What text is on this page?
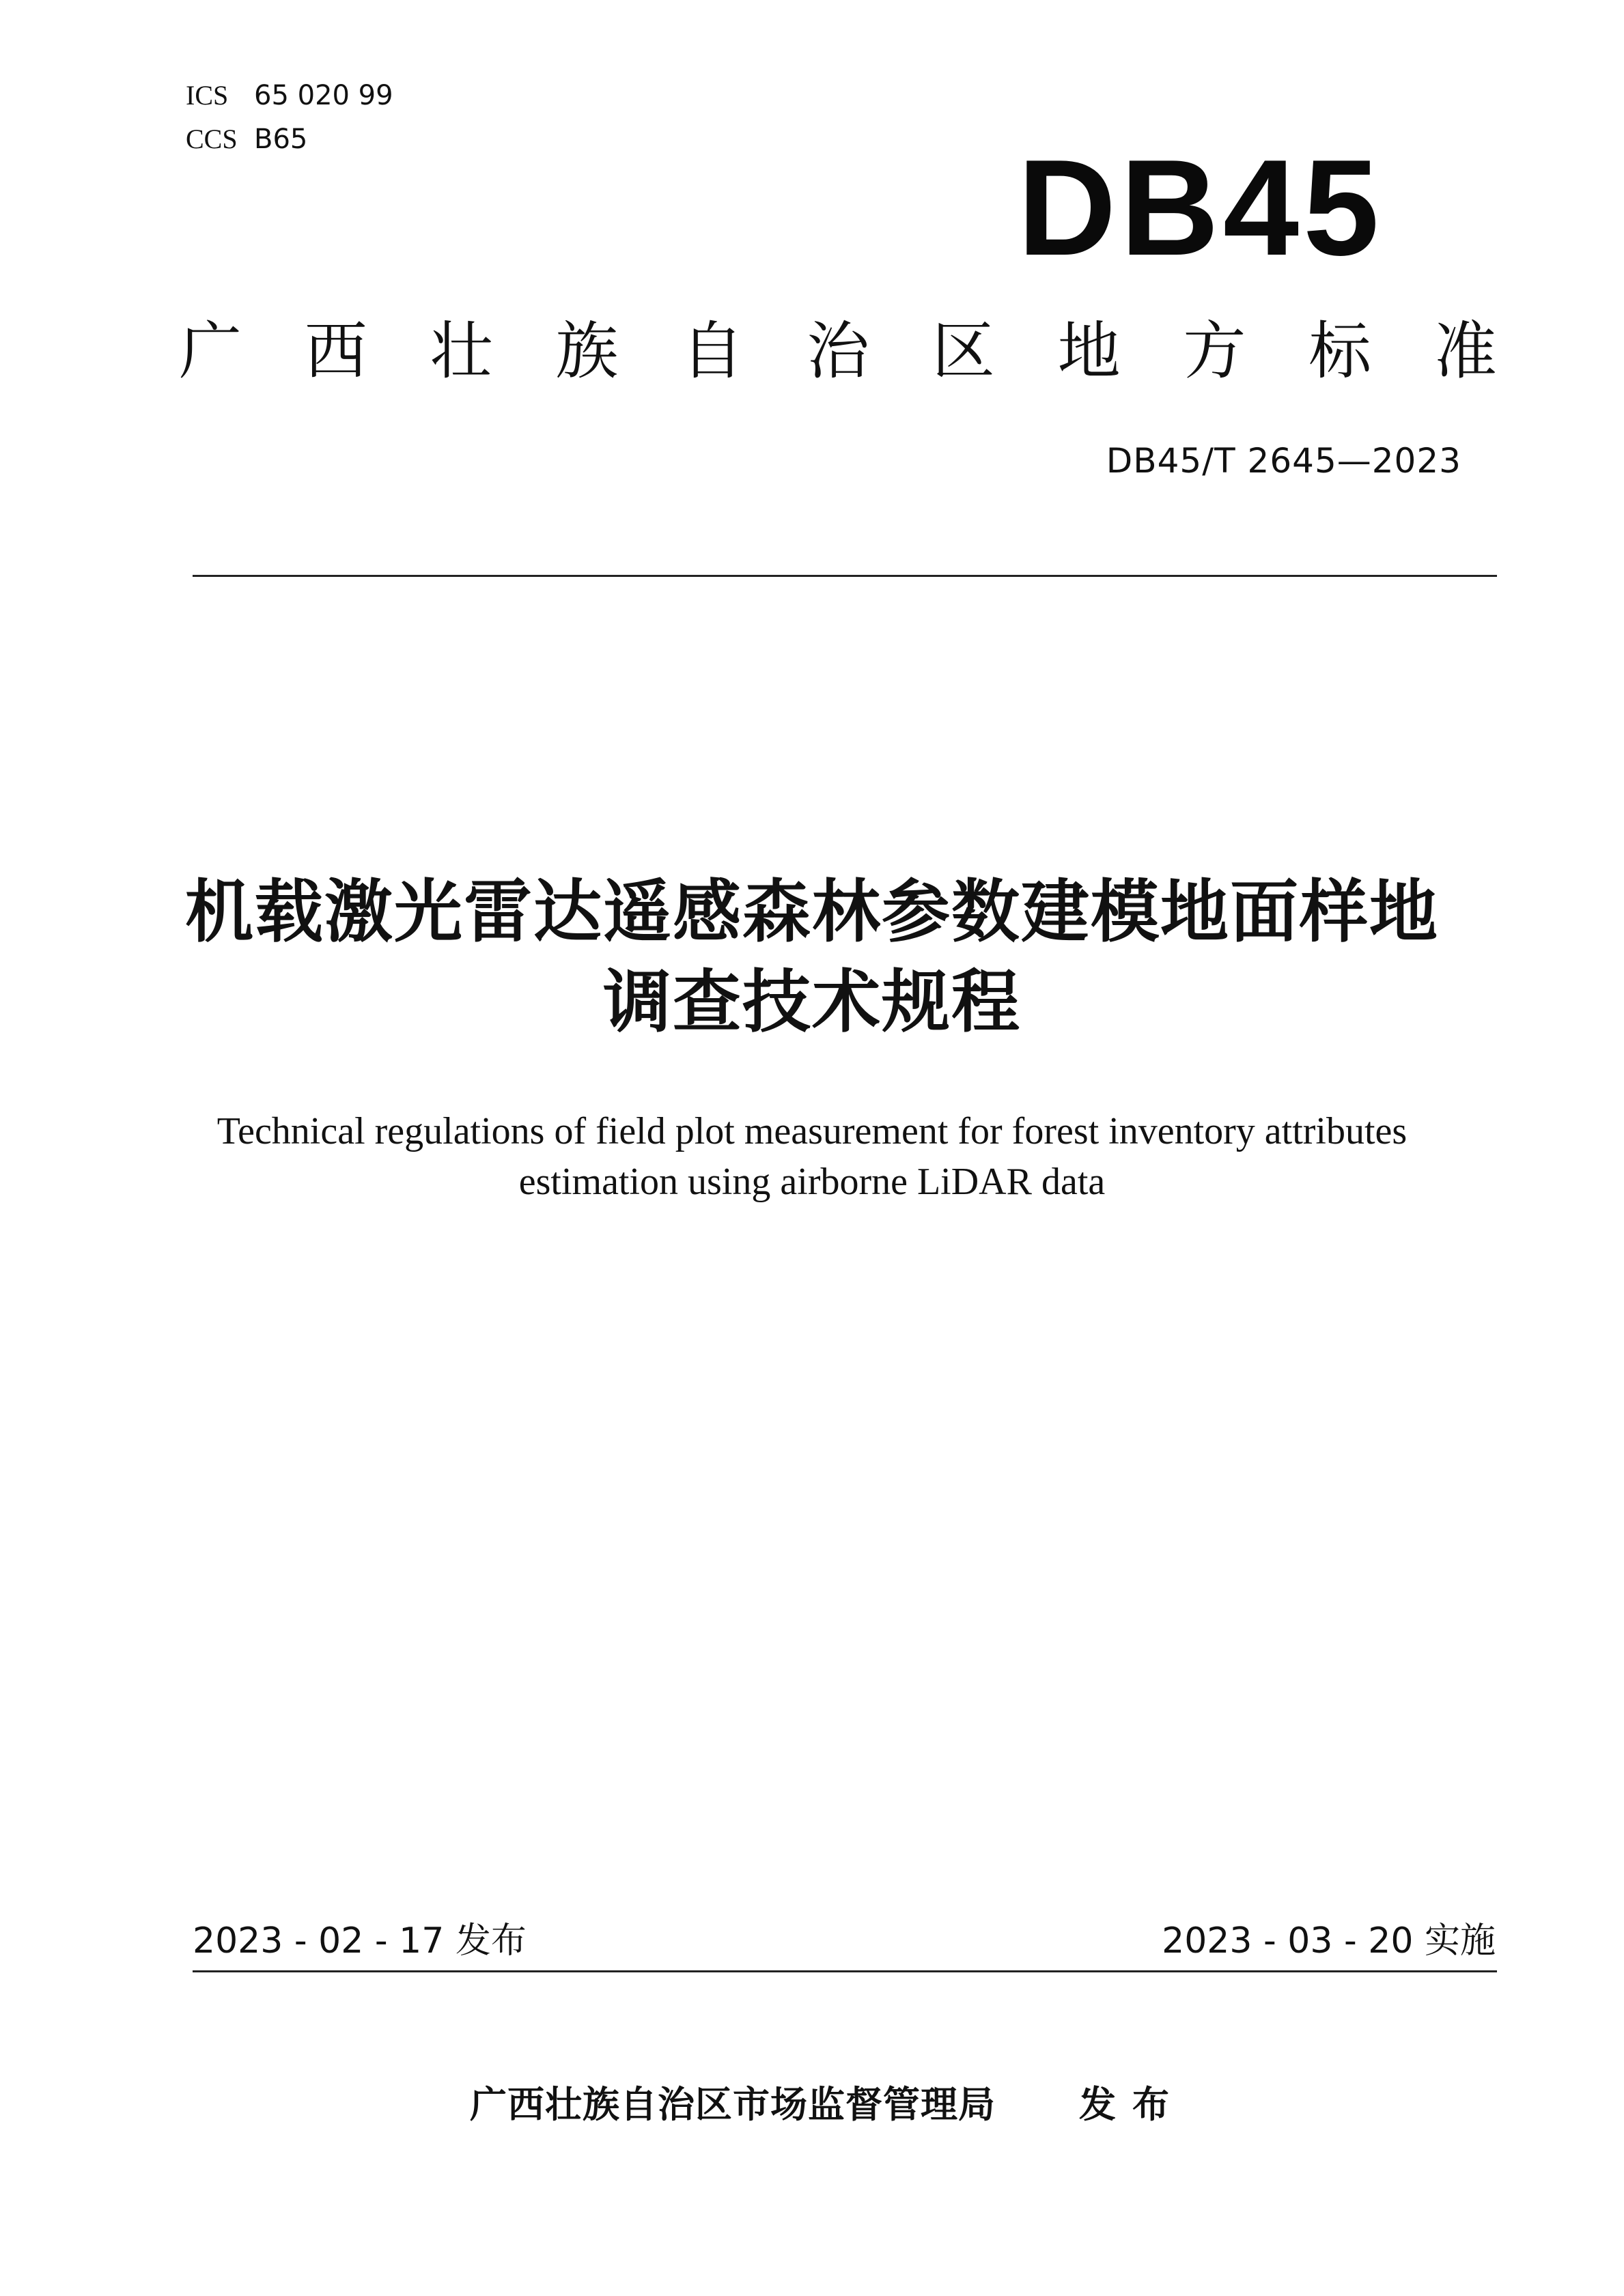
ICS 65 020 99
CCS B65	DB45
广 西 壮 族 自 治 区 地 方 标 准
DB45/T 2645—2023
机载激光雷达遥感森林参数建模地面样地
调查技术规程
Technical regulations of field plot measurement for forest inventory attributes
estimation using airborne LiDAR data
2023 - 02 - 17 发布	2023 - 03 - 20 实施
广西壮族自治区市场监督管理局 发布
